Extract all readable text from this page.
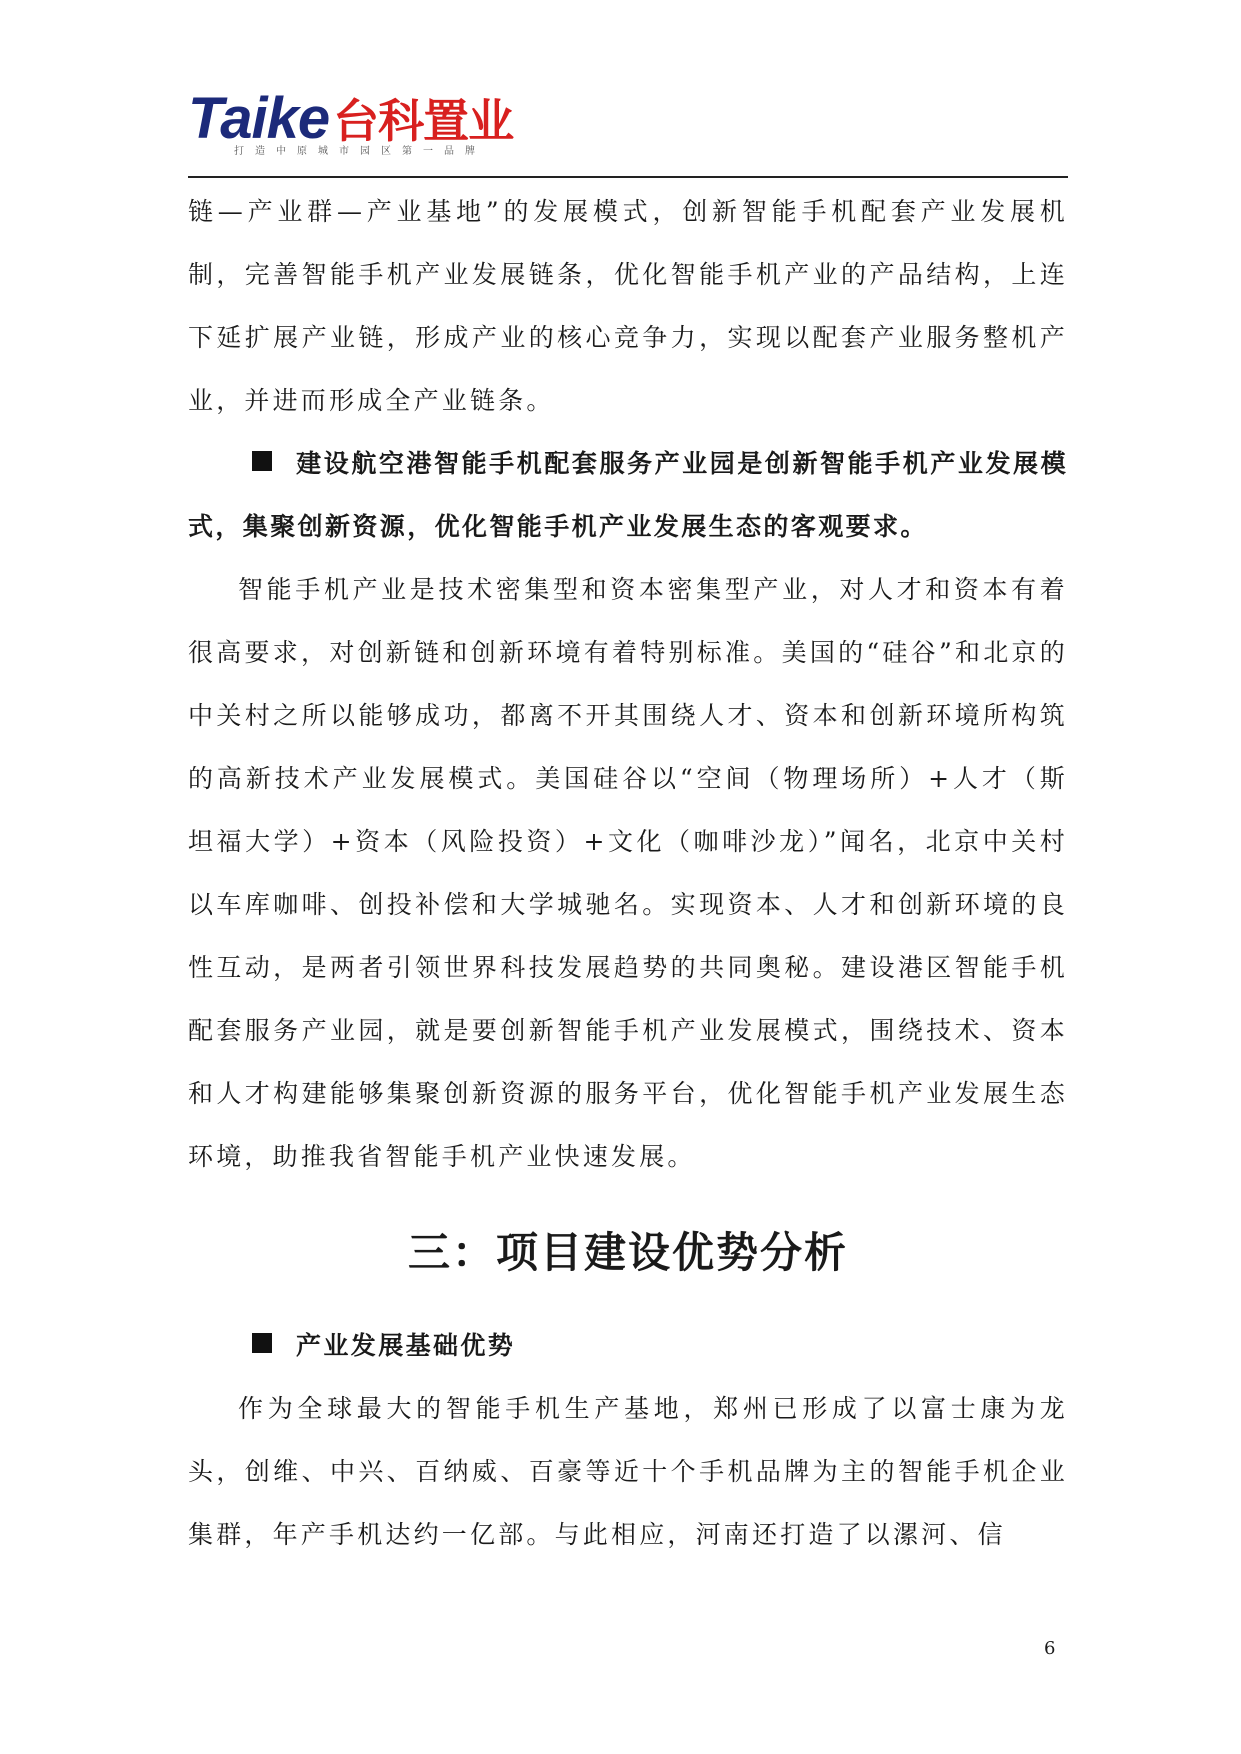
Taike 台科置业
打造中原城市园区第一品牌

链—产业群—产业基地”的发展模式，创新智能手机配套产业发展机制，完善智能手机产业发展链条，优化智能手机产业的产品结构，上连下延扩展产业链，形成产业的核心竞争力，实现以配套产业服务整机产业，并进而形成全产业链条。

建设航空港智能手机配套服务产业园是创新智能手机产业发展模式，集聚创新资源，优化智能手机产业发展生态的客观要求。

智能手机产业是技术密集型和资本密集型产业，对人才和资本有着很高要求，对创新链和创新环境有着特别标准。美国的“硅谷”和北京的中关村之所以能够成功，都离不开其围绕人才、资本和创新环境所构筑的高新技术产业发展模式。美国硅谷以“空间（物理场所）+人才（斯坦福大学）+资本（风险投资）+文化（咖啡沙龙）”闻名，北京中关村以车库咖啡、创投补偿和大学城驰名。实现资本、人才和创新环境的良性互动，是两者引领世界科技发展趋势的共同奥秘。建设港区智能手机配套服务产业园，就是要创新智能手机产业发展模式，围绕技术、资本和人才构建能够集聚创新资源的服务平台，优化智能手机产业发展生态环境，助推我省智能手机产业快速发展。

三：项目建设优势分析

产业发展基础优势

作为全球最大的智能手机生产基地，郑州已形成了以富士康为龙头，创维、中兴、百纳威、百豪等近十个手机品牌为主的智能手机企业集群，年产手机达约一亿部。与此相应，河南还打造了以漯河、信

6
